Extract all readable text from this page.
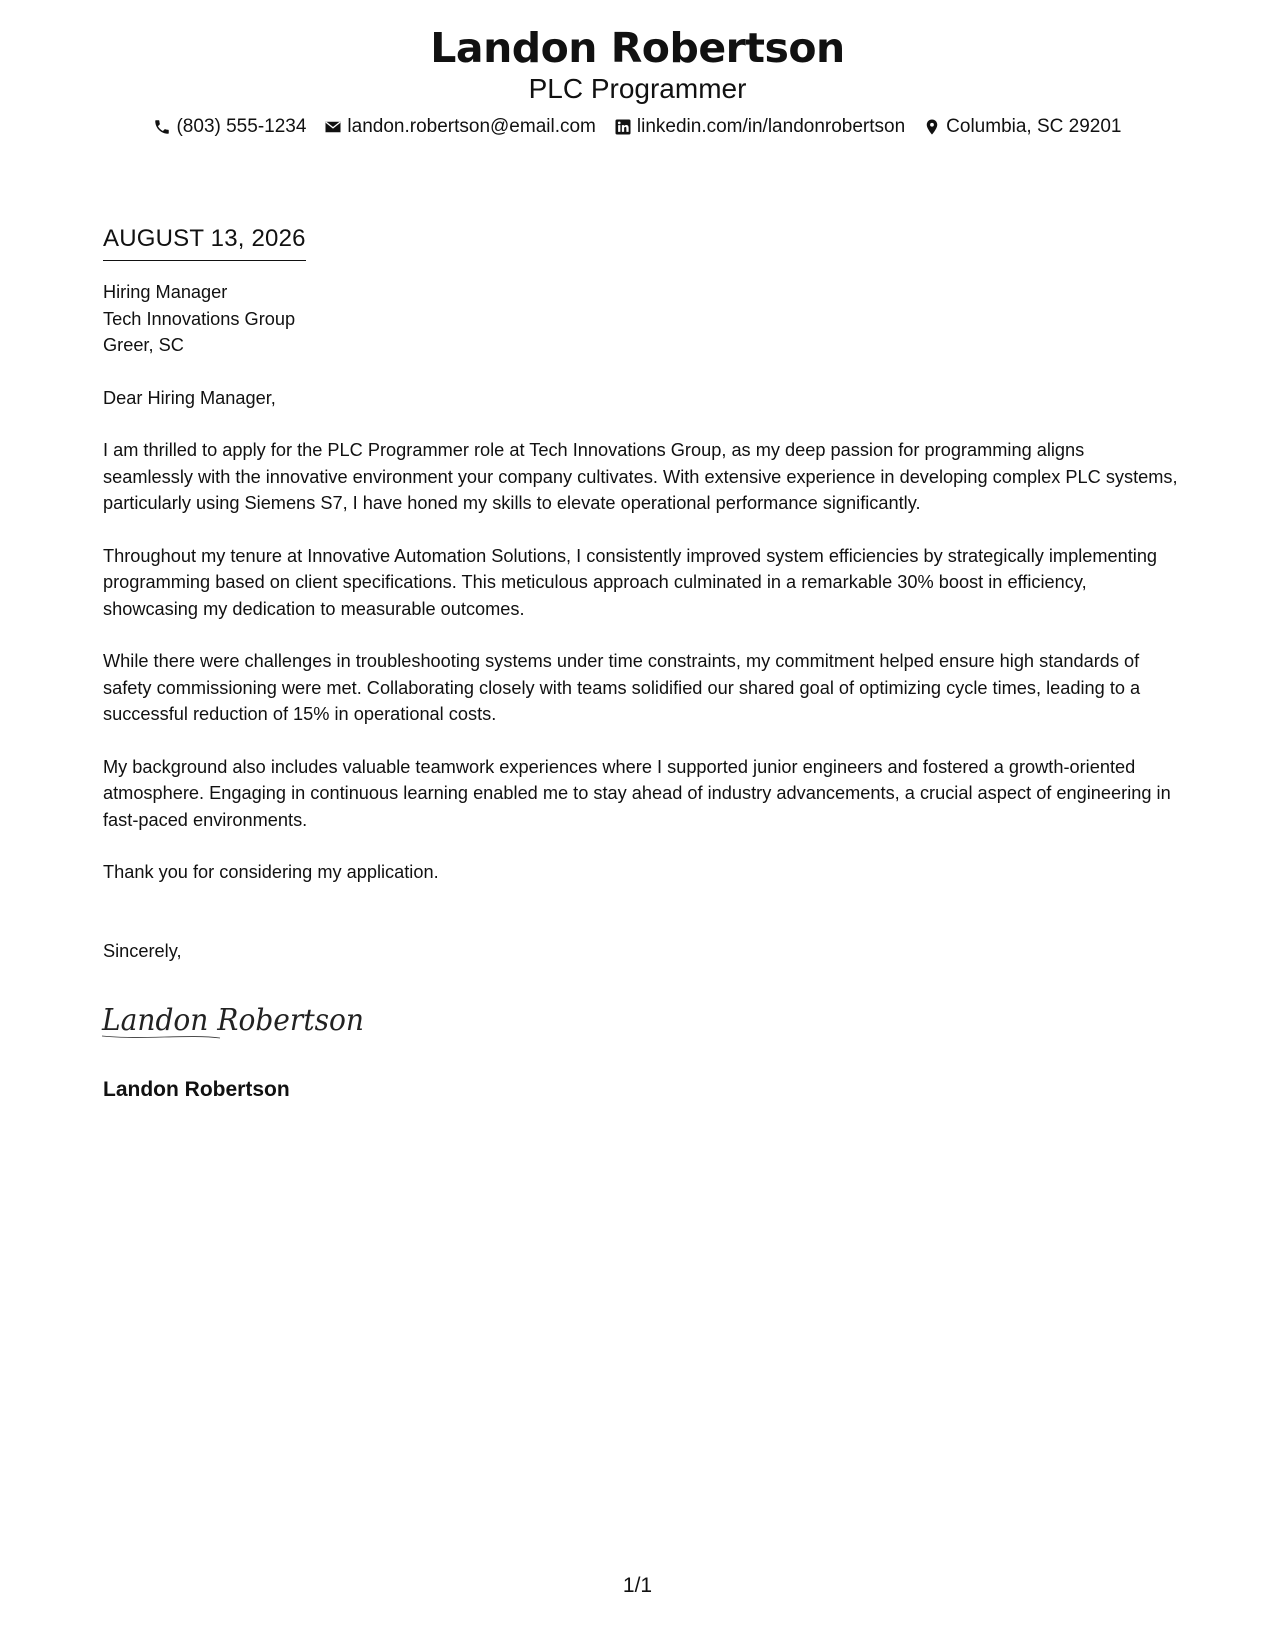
Landon Robertson
PLC Programmer
(803) 555-1234 landon.robertson@email.com linkedin.com/in/landonrobertson Columbia, SC 29201
AUGUST 13, 2026
Hiring Manager
Tech Innovations Group
Greer, SC
Dear Hiring Manager,

I am thrilled to apply for the PLC Programmer role at Tech Innovations Group, as my deep passion for programming aligns seamlessly with the innovative environment your company cultivates. With extensive experience in developing complex PLC systems, particularly using Siemens S7, I have honed my skills to elevate operational performance significantly.

Throughout my tenure at Innovative Automation Solutions, I consistently improved system efficiencies by strategically implementing programming based on client specifications. This meticulous approach culminated in a remarkable 30% boost in efficiency, showcasing my dedication to measurable outcomes.

While there were challenges in troubleshooting systems under time constraints, my commitment helped ensure high standards of safety commissioning were met. Collaborating closely with teams solidified our shared goal of optimizing cycle times, leading to a successful reduction of 15% in operational costs.

My background also includes valuable teamwork experiences where I supported junior engineers and fostered a growth-oriented atmosphere. Engaging in continuous learning enabled me to stay ahead of industry advancements, a crucial aspect of engineering in fast-paced environments.

Thank you for considering my application.

Sincerely,
Landon Robertson
Landon Robertson
1/1
